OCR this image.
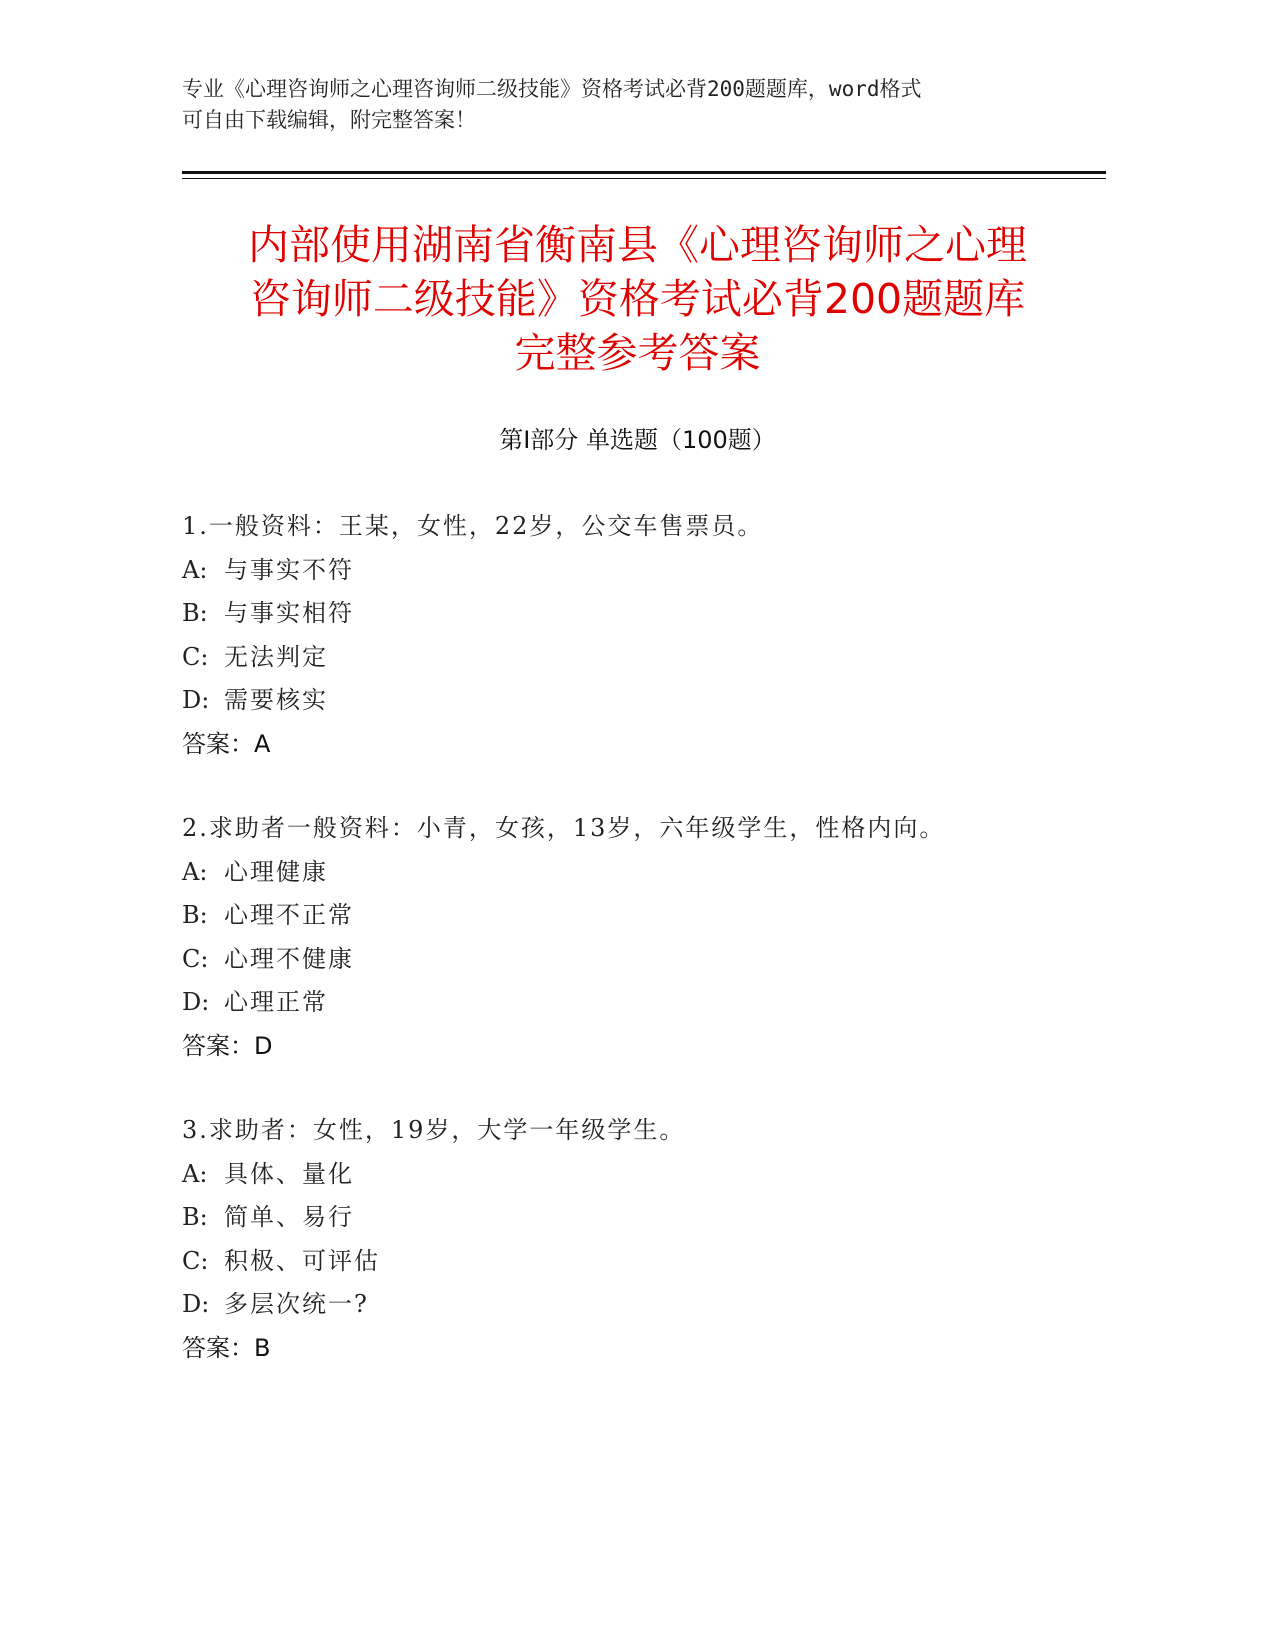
专业《心理咨询师之心理咨询师二级技能》资格考试必背200题题库，word格式
可自由下载编辑，附完整答案！
内部使用湖南省衡南县《心理咨询师之心理
咨询师二级技能》资格考试必背200题题库
完整参考答案
第Ⅰ部分 单选题（100题）
1.一般资料：王某，女性，22岁，公交车售票员。
A: 与事实不符
B: 与事实相符
C: 无法判定
D: 需要核实
答案：A
2.求助者一般资料：小青，女孩，13岁，六年级学生，性格内向。
A: 心理健康
B: 心理不正常
C: 心理不健康
D: 心理正常
答案：D
3.求助者：女性，19岁，大学一年级学生。
A: 具体、量化
B: 简单、易行
C: 积极、可评估
D: 多层次统一?
答案：B
